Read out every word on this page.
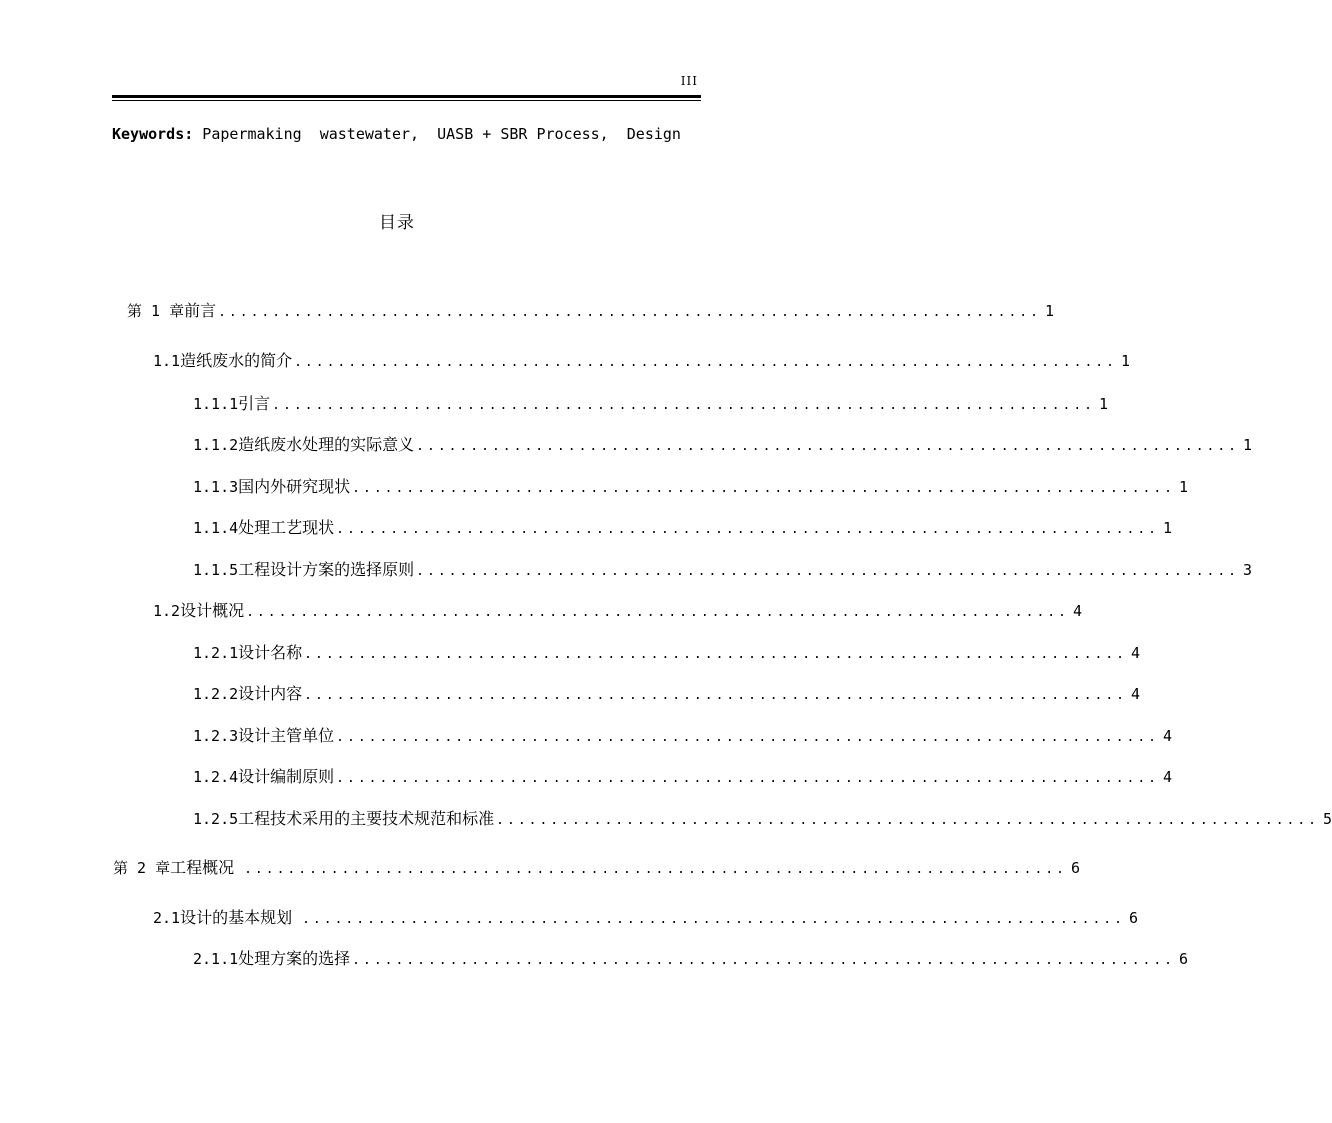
III
Keywords: Papermaking  wastewater,  UASB + SBR Process,  Design
目录
第 1 章 前言 ............................................................................ 1
1.1 造纸废水的简介 ............................................................................ 1
1.1.1 引言 ............................................................................ 1
1.1.2 造纸废水处理的实际意义 ............................................................................ 1
1.1.3 国内外研究现状 ............................................................................ 1
1.1.4 处理工艺现状 ............................................................................ 1
1.1.5 工程设计方案的选择原则 ............................................................................ 3
1.2 设计概况 ............................................................................ 4
1.2.1 设计名称 ............................................................................ 4
1.2.2 设计内容 ............................................................................ 4
1.2.3 设计主管单位 ............................................................................ 4
1.2.4 设计编制原则 ............................................................................ 4
1.2.5 工程技术采用的主要技术规范和标准 ............................................................................ 5
第 2 章 工程概况 ............................................................................ 6
2.1 设计的基本规划 ............................................................................ 6
2.1.1 处理方案的选择 ............................................................................ 6
